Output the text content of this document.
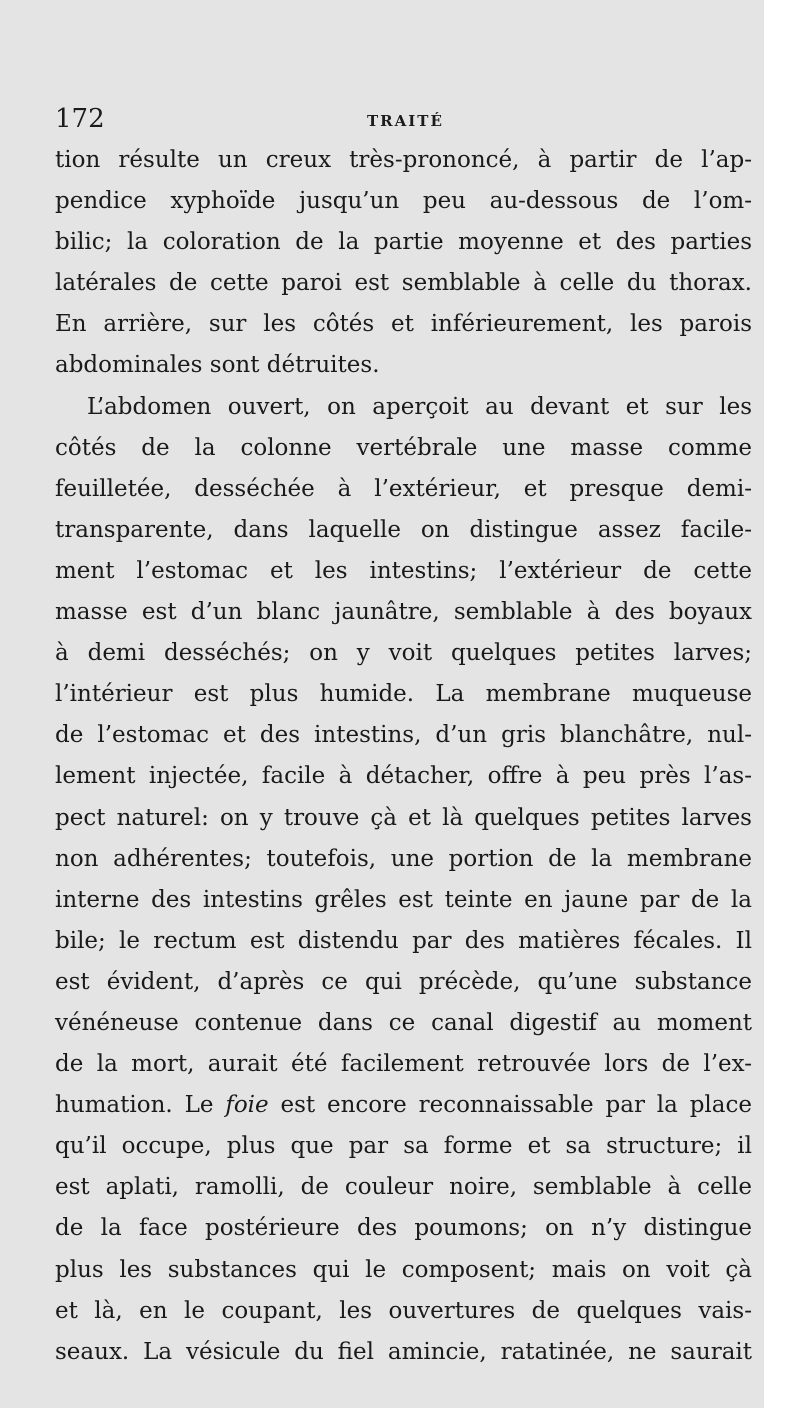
172	TRAITÉ
tion résulte un creux très-prononcé, à partir de l’ap-
pendice xyphoïde jusqu’un peu au-dessous de l’om-
bilic; la coloration de la partie moyenne et des parties
latérales de cette paroi est semblable à celle du thorax.
En arrière, sur les côtés et inférieurement, les parois
abdominales sont détruites.
L’abdomen ouvert, on aperçoit au devant et sur les
côtés de la colonne vertébrale une masse comme
feuilletée, desséchée à l’extérieur, et presque demi-
transparente, dans laquelle on distingue assez facile-
ment l’estomac et les intestins; l’extérieur de cette
masse est d’un blanc jaunâtre, semblable à des boyaux
à demi desséchés; on y voit quelques petites larves;
l’intérieur est plus humide. La membrane muqueuse
de l’estomac et des intestins, d’un gris blanchâtre, nul-
lement injectée, facile à détacher, offre à peu près l’as-
pect naturel: on y trouve çà et là quelques petites larves
non adhérentes; toutefois, une portion de la membrane
interne des intestins grêles est teinte en jaune par de la
bile; le rectum est distendu par des matières fécales. Il
est évident, d’après ce qui précède, qu’une substance
vénéneuse contenue dans ce canal digestif au moment
de la mort, aurait été facilement retrouvée lors de l’ex-
humation. Le foie est encore reconnaissable par la place
qu’il occupe, plus que par sa forme et sa structure; il
est aplati, ramolli, de couleur noire, semblable à celle
de la face postérieure des poumons; on n’y distingue
plus les substances qui le composent; mais on voit çà
et là, en le coupant, les ouvertures de quelques vais-
seaux. La vésicule du fiel amincie, ratatinée, ne saurait
